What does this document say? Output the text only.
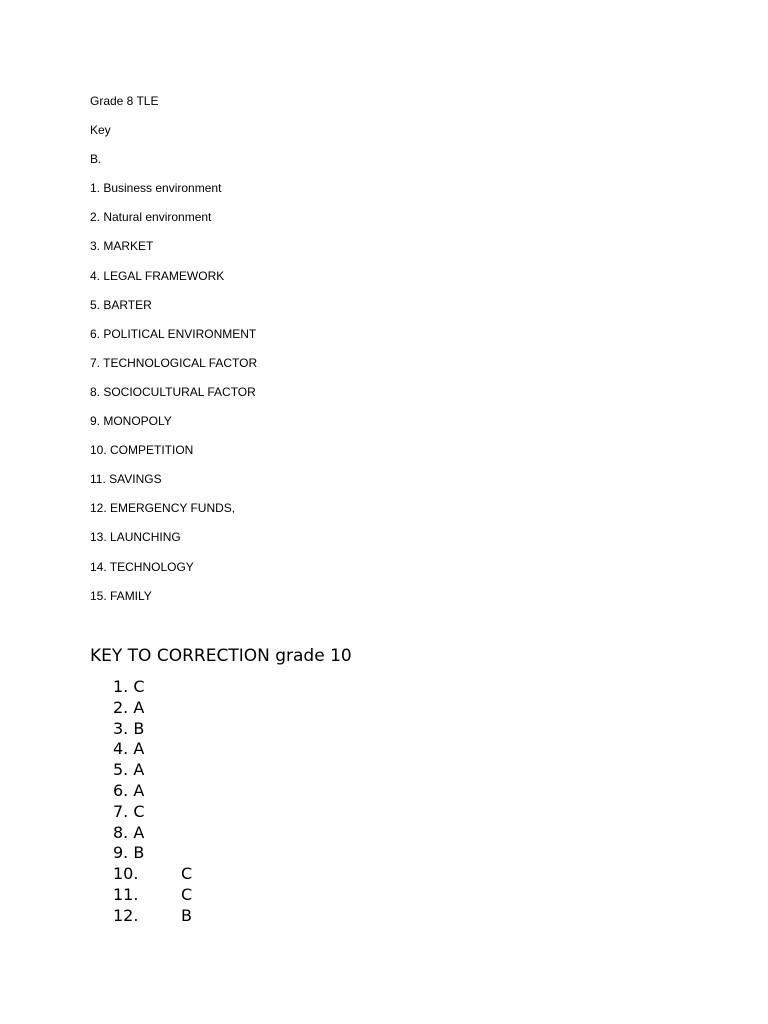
Grade 8 TLE
Key
B.
1. Business environment
2. Natural environment
3. MARKET
4. LEGAL FRAMEWORK
5. BARTER
6. POLITICAL ENVIRONMENT
7. TECHNOLOGICAL FACTOR
8. SOCIOCULTURAL FACTOR
9. MONOPOLY
10. COMPETITION
11. SAVINGS
12. EMERGENCY FUNDS,
13. LAUNCHING
14. TECHNOLOGY
15. FAMILY
KEY TO CORRECTION grade 10
1. C
2. A
3. B
4. A
5. A
6. A
7. C
8. A
9. B
10.	C
11.	C
12.	B
